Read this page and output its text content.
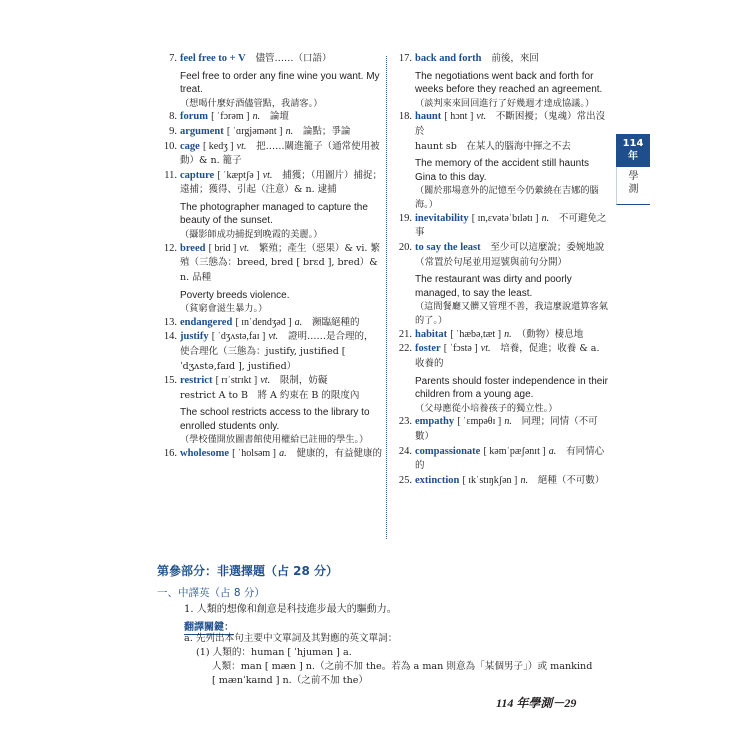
7. feel free to + V　 儘管……（口語）
Feel free to order any fine wine you want. My treat.
（想喝什麼好酒儘管點，我請客。）
8. forum [ ˈfɔrəm ] n.　 論壇
9. argument [ ˈɑrgjəmənt ] n.　 論點；爭論
10. cage [ kedʒ ] vt.　 把……關進籠子（通常使用被動）& n. 籠子
11. capture [ ˈkæptʃə ] vt.　 捕獲；（用圖片）捕捉；遠捕；獲得、引起（注意）& n. 逮捕
The photographer managed to capture the beauty of the sunset.
（攝影師成功捕捉到晚霞的美麗。）
12. breed [ brid ] vt.　 繁殖；產生（惡果）& vi. 繁殖（三態為：breed, bred [ brɛd ], bred）& n. 品種
Poverty breeds violence.
（貧窮會滋生暴力。）
13. endangered [ ɪnˈdendʒəd ] a.　 瀕臨絕種的
14. justify [ ˈdʒʌstə,faɪ ] vt.　 證明……是合理的，使合理化（三態為：justify, justified [ ˈdʒʌstə,faɪd ], justified）
15. restrict [ rɪˈstrɪkt ] vt.　 限制，妨礙
restrict A to B　將 A 約束在 B 的限度內
The school restricts access to the library to enrolled students only.
（學校僅開放圖書館使用權給已註冊的學生。）
16. wholesome [ ˈholsəm ] a.　 健康的，有益健康的
17. back and forth　 前後，來回
The negotiations went back and forth for weeks before they reached an agreement.
（談判來來回回進行了好幾週才達成協議。）
18. haunt [ hɔnt ] vt.　 不斷困擾；（鬼魂）常出沒於
haunt sb　在某人的腦海中揮之不去
The memory of the accident still haunts Gina to this day.
（關於那場意外的記憶至今仍縈繞在吉娜的腦海。）
19. inevitability [ ɪn,ɛvətəˈbɪlətɪ ] n.　 不可避免之事
20. to say the least　 至少可以這麼說；委婉地說（常置於句尾並用逗號與前句分開）
The restaurant was dirty and poorly managed, to say the least.
（這間餐廳又髒又管理不善，我這麼說還算客氣的了。）
21. habitat [ ˈhæbə,tæt ] n.　 （動物）棲息地
22. foster [ ˈfɔstə ] vt.　 培養，促進；收養 & a. 收養的
Parents should foster independence in their children from a young age.
（父母應從小培養孩子的獨立性。）
23. empathy [ ˈɛmpəθɪ ] n.　 同理；同情（不可數）
24. compassionate [ kəmˈpæʃənɪt ] a.　 有同情心的
25. extinction [ ɪkˈstɪŋkʃən ] n.　 絕種（不可數）
114
年
學
測
第參部分：非選擇題（占 28 分）
一、中譯英（占 8 分）
1. 人類的想像和創意是科技進步最大的驅動力。
翻譯關鍵：
a. 先列出本句主要中文單詞及其對應的英文單詞：
(1) 人類的：human [ ˈhjumən ] a.
人類：man [ mæn ] n.（之前不加 the。若為 a man 則意為「某個男子」）或 mankind
[ mænˈkaɪnd ] n.（之前不加 the）
114 年學測－29
